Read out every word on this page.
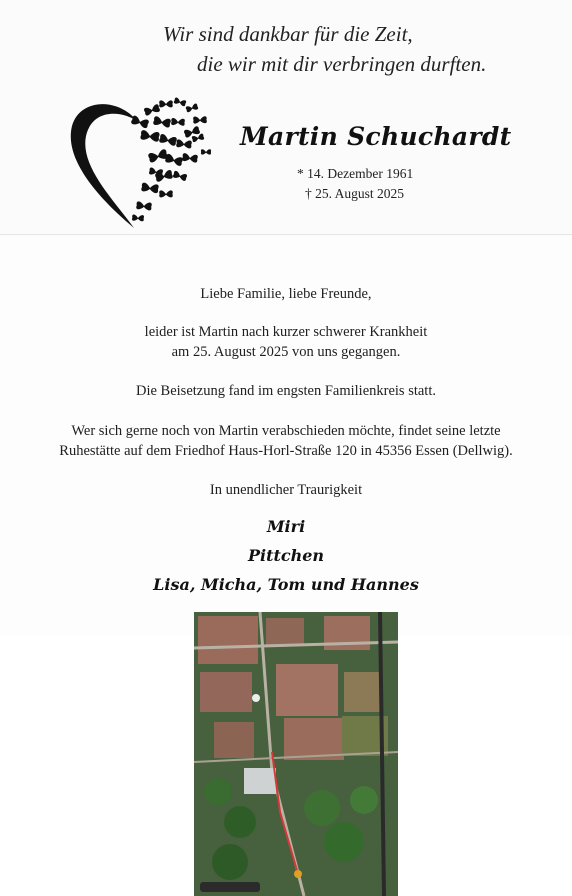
Wir sind dankbar für die Zeit,
die wir mit dir verbringen durften.
Martin Schuchardt
* 14. Dezember 1961
† 25. August 2025
Liebe Familie, liebe Freunde,
leider ist Martin nach kurzer schwerer Krankheit
am 25. August 2025 von uns gegangen.
Die Beisetzung fand im engsten Familienkreis statt.
Wer sich gerne noch von Martin verabschieden möchte, findet seine letzte
Ruhestätte auf dem Friedhof Haus-Horl-Straße 120 in 45356 Essen (Dellwig).
In unendlicher Traurigkeit
Miri
Pittchen
Lisa, Micha, Tom und Hannes
